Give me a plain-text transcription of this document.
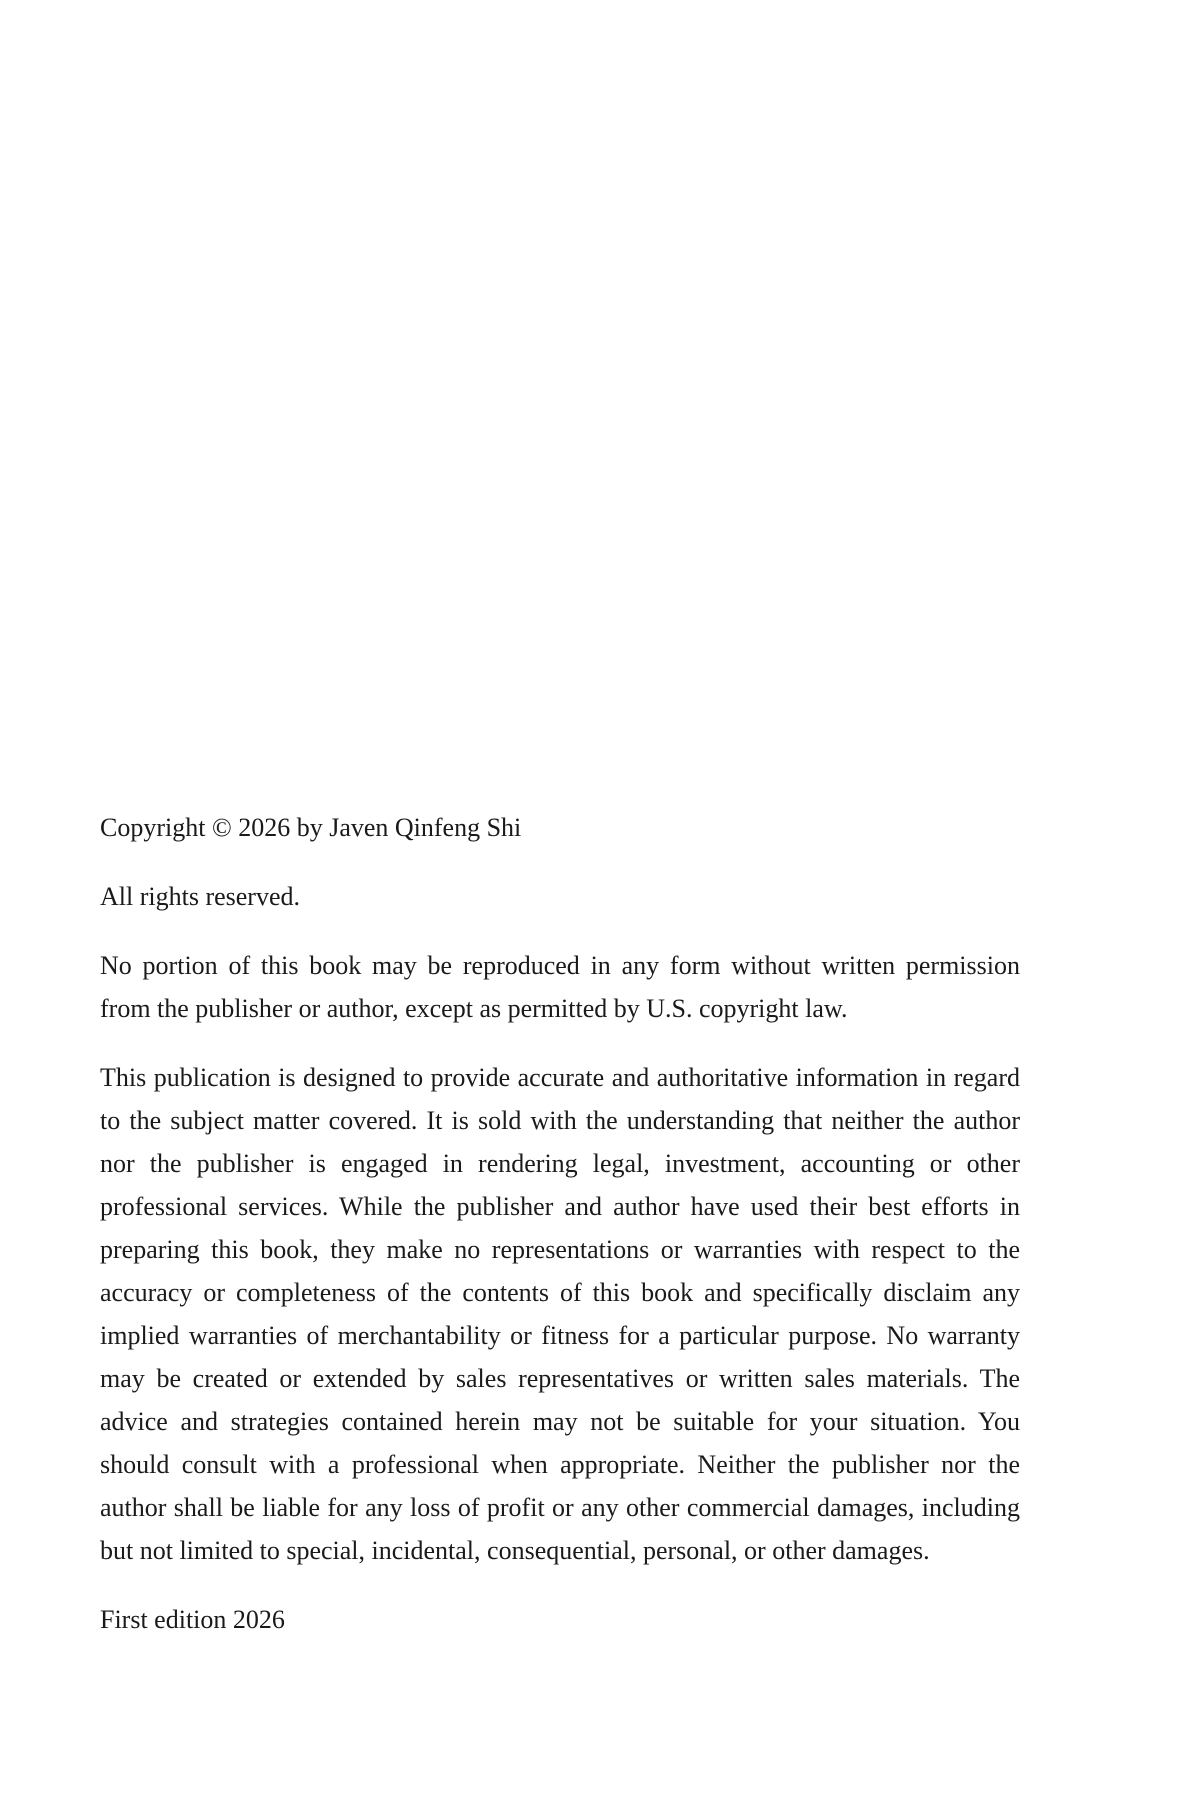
Copyright © 2026 by Javen Qinfeng Shi

All rights reserved.

No portion of this book may be reproduced in any form without written permission from the publisher or author, except as permitted by U.S. copyright law.

This publication is designed to provide accurate and authoritative information in regard to the subject matter covered. It is sold with the understanding that neither the author nor the publisher is engaged in rendering legal, investment, accounting or other professional services. While the publisher and author have used their best efforts in preparing this book, they make no representations or warranties with respect to the accuracy or completeness of the contents of this book and specifically disclaim any implied warranties of merchantability or fitness for a particular purpose. No warranty may be created or extended by sales representatives or written sales materials. The advice and strategies contained herein may not be suitable for your situation. You should consult with a professional when appropriate. Neither the publisher nor the author shall be liable for any loss of profit or any other commercial damages, including but not limited to special, incidental, consequential, personal, or other damages.

First edition 2026
